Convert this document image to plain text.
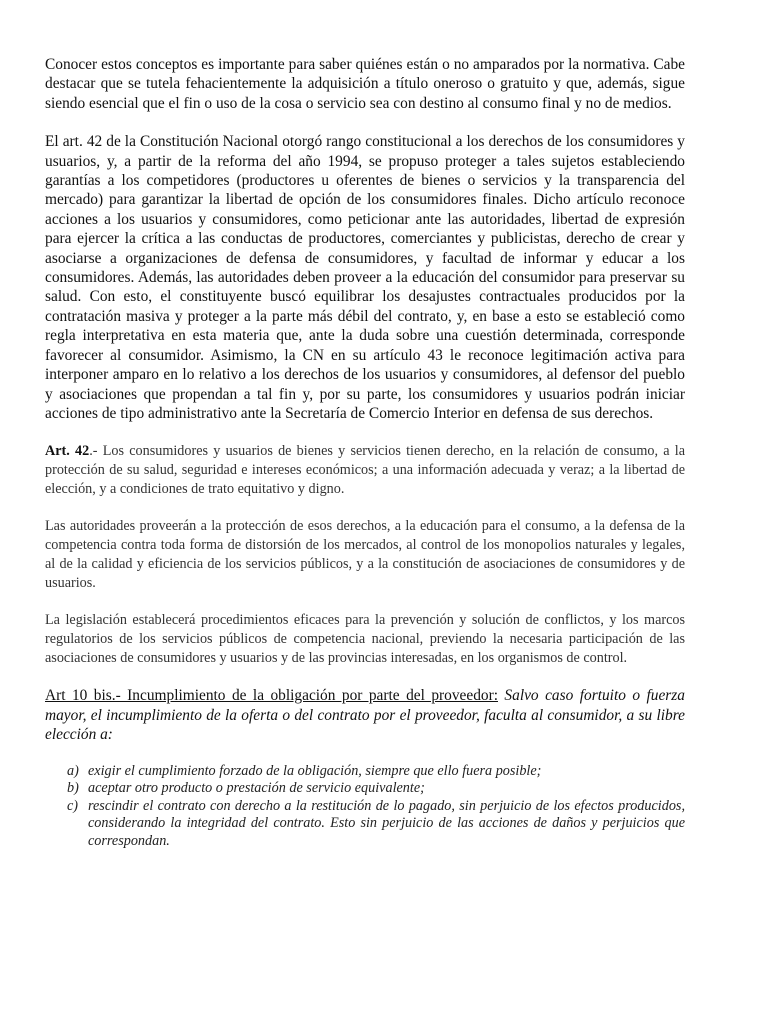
Conocer estos conceptos es importante para saber quiénes están o no amparados por la normativa. Cabe destacar que se tutela fehacientemente la adquisición a título oneroso o gratuito y que, además, sigue siendo esencial que el fin o uso de la cosa o servicio sea con destino al consumo final y no de medios.

El art. 42 de la Constitución Nacional otorgó rango constitucional a los derechos de los consumidores y usuarios, y, a partir de la reforma del año 1994, se propuso proteger a tales sujetos estableciendo garantías a los competidores (productores u oferentes de bienes o servicios y la transparencia del mercado) para garantizar la libertad de opción de los consumidores finales. Dicho artículo reconoce acciones a los usuarios y consumidores, como peticionar ante las autoridades, libertad de expresión para ejercer la crítica a las conductas de productores, comerciantes y publicistas, derecho de crear y asociarse a organizaciones de defensa de consumidores, y facultad de informar y educar a los consumidores. Además, las autoridades deben proveer a la educación del consumidor para preservar su salud. Con esto, el constituyente buscó equilibrar los desajustes contractuales producidos por la contratación masiva y proteger a la parte más débil del contrato, y, en base a esto se estableció como regla interpretativa en esta materia que, ante la duda sobre una cuestión determinada, corresponde favorecer al consumidor. Asimismo, la CN en su artículo 43 le reconoce legitimación activa para interponer amparo en lo relativo a los derechos de los usuarios y consumidores, al defensor del pueblo y asociaciones que propendan a tal fin y, por su parte, los consumidores y usuarios podrán iniciar acciones de tipo administrativo ante la Secretaría de Comercio Interior en defensa de sus derechos.

Art. 42.- Los consumidores y usuarios de bienes y servicios tienen derecho, en la relación de consumo, a la protección de su salud, seguridad e intereses económicos; a una información adecuada y veraz; a la libertad de elección, y a condiciones de trato equitativo y digno.

Las autoridades proveerán a la protección de esos derechos, a la educación para el consumo, a la defensa de la competencia contra toda forma de distorsión de los mercados, al control de los monopolios naturales y legales, al de la calidad y eficiencia de los servicios públicos, y a la constitución de asociaciones de consumidores y de usuarios.

La legislación establecerá procedimientos eficaces para la prevención y solución de conflictos, y los marcos regulatorios de los servicios públicos de competencia nacional, previendo la necesaria participación de las asociaciones de consumidores y usuarios y de las provincias interesadas, en los organismos de control.

Art 10 bis.- Incumplimiento de la obligación por parte del proveedor: Salvo caso fortuito o fuerza mayor, el incumplimiento de la oferta o del contrato por el proveedor, faculta al consumidor, a su libre elección a:

a) exigir el cumplimiento forzado de la obligación, siempre que ello fuera posible;
b) aceptar otro producto o prestación de servicio equivalente;
c) rescindir el contrato con derecho a la restitución de lo pagado, sin perjuicio de los efectos producidos, considerando la integridad del contrato. Esto sin perjuicio de las acciones de daños y perjuicios que correspondan.
